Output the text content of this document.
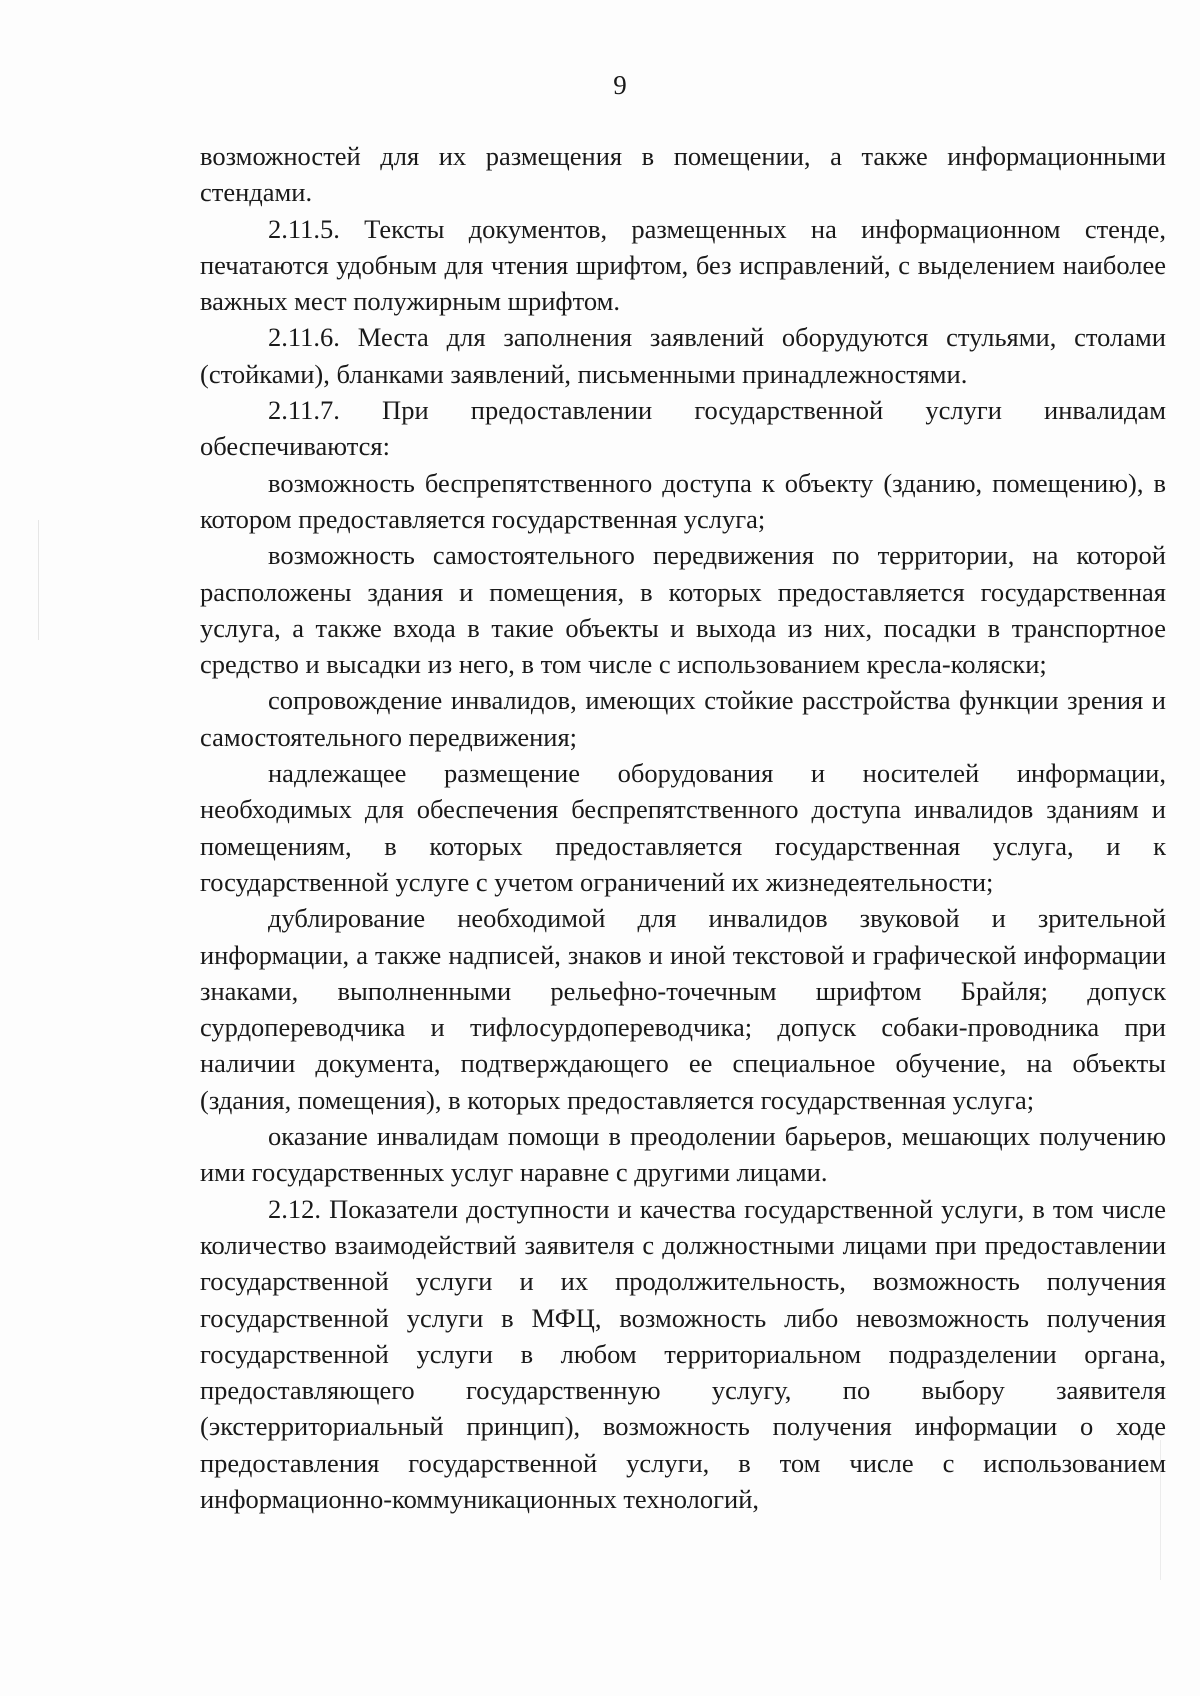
9

возможностей для их размещения в помещении, а также информационными стендами.

2.11.5. Тексты документов, размещенных на информационном стенде, печатаются удобным для чтения шрифтом, без исправлений, с выделением наиболее важных мест полужирным шрифтом.

2.11.6. Места для заполнения заявлений оборудуются стульями, столами (стойками), бланками заявлений, письменными принадлежностями.

2.11.7. При предоставлении государственной услуги инвалидам обеспечиваются:

возможность беспрепятственного доступа к объекту (зданию, помещению), в котором предоставляется государственная услуга;

возможность самостоятельного передвижения по территории, на которой расположены здания и помещения, в которых предоставляется государственная услуга, а также входа в такие объекты и выхода из них, посадки в транспортное средство и высадки из него, в том числе с использованием кресла-коляски;

сопровождение инвалидов, имеющих стойкие расстройства функции зрения и самостоятельного передвижения;

надлежащее размещение оборудования и носителей информации, необходимых для обеспечения беспрепятственного доступа инвалидов зданиям и помещениям, в которых предоставляется государственная услуга, и к государственной услуге с учетом ограничений их жизнедеятельности;

дублирование необходимой для инвалидов звуковой и зрительной информации, а также надписей, знаков и иной текстовой и графической информации знаками, выполненными рельефно-точечным шрифтом Брайля; допуск сурдопереводчика и тифлосурдопереводчика; допуск собаки-проводника при наличии документа, подтверждающего ее специальное обучение, на объекты (здания, помещения), в которых предоставляется государственная услуга;

оказание инвалидам помощи в преодолении барьеров, мешающих получению ими государственных услуг наравне с другими лицами.

2.12. Показатели доступности и качества государственной услуги, в том числе количество взаимодействий заявителя с должностными лицами при предоставлении государственной услуги и их продолжительность, возможность получения государственной услуги в МФЦ, возможность либо невозможность получения государственной услуги в любом территориальном подразделении органа, предоставляющего государственную услугу, по выбору заявителя (экстерриториальный принцип), возможность получения информации о ходе предоставления государственной услуги, в том числе с использованием информационно-коммуникационных технологий,
